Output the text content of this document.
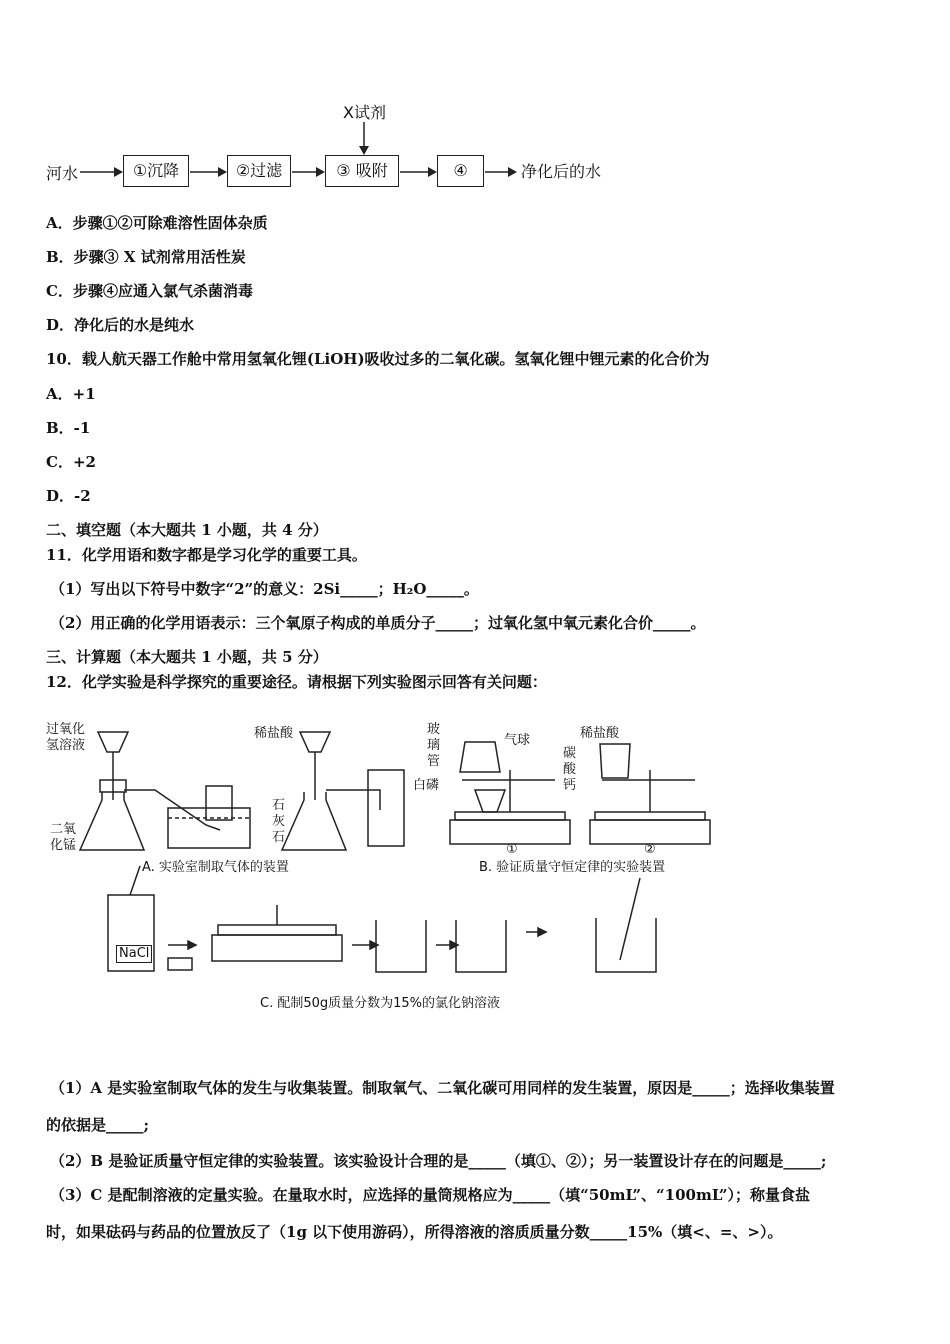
X试剂
河水	①沉降	②过滤	③ 吸附	④	净化后的水
A．步骤①②可除难溶性固体杂质
B．步骤③ X 试剂常用活性炭
C．步骤④应通入氯气杀菌消毒
D．净化后的水是纯水
10．载人航天器工作舱中常用氢氧化锂(LiOH)吸收过多的二氧化碳。氢氧化锂中锂元素的化合价为
A．+1
B．-1
C．+2
D．-2
二、填空题（本大题共 1 小题，共 4 分）
11．化学用语和数字都是学习化学的重要工具。
（1）写出以下符号中数字“2”的意义：2Si_____；H₂O_____。
（2）用正确的化学用语表示：三个氧原子构成的单质分子_____；过氧化氢中氧元素化合价_____。
三、计算题（本大题共 1 小题，共 5 分）
12．化学实验是科学探究的重要途径。请根据下列实验图示回答有关问题：
过氧化氢溶液
二氧化锰
稀盐酸
石灰石
A. 实验室制取气体的装置
玻璃管
气球
白磷
稀盐酸
碳酸钙
①	②
B. 验证质量守恒定律的实验装置
NaCl
C. 配制50g质量分数为15%的氯化钠溶液
（1）A 是实验室制取气体的发生与收集装置。制取氧气、二氧化碳可用同样的发生装置，原因是_____；选择收集装置
的依据是_____;
（2）B 是验证质量守恒定律的实验装置。该实验设计合理的是_____（填①、②）；另一装置设计存在的问题是_____;
（3）C 是配制溶液的定量实验。在量取水时，应选择的量筒规格应为_____（填“50mL”、“100mL”）；称量食盐
时，如果砝码与药品的位置放反了（1g 以下使用游码），所得溶液的溶质质量分数_____15%（填<、=、>）。
